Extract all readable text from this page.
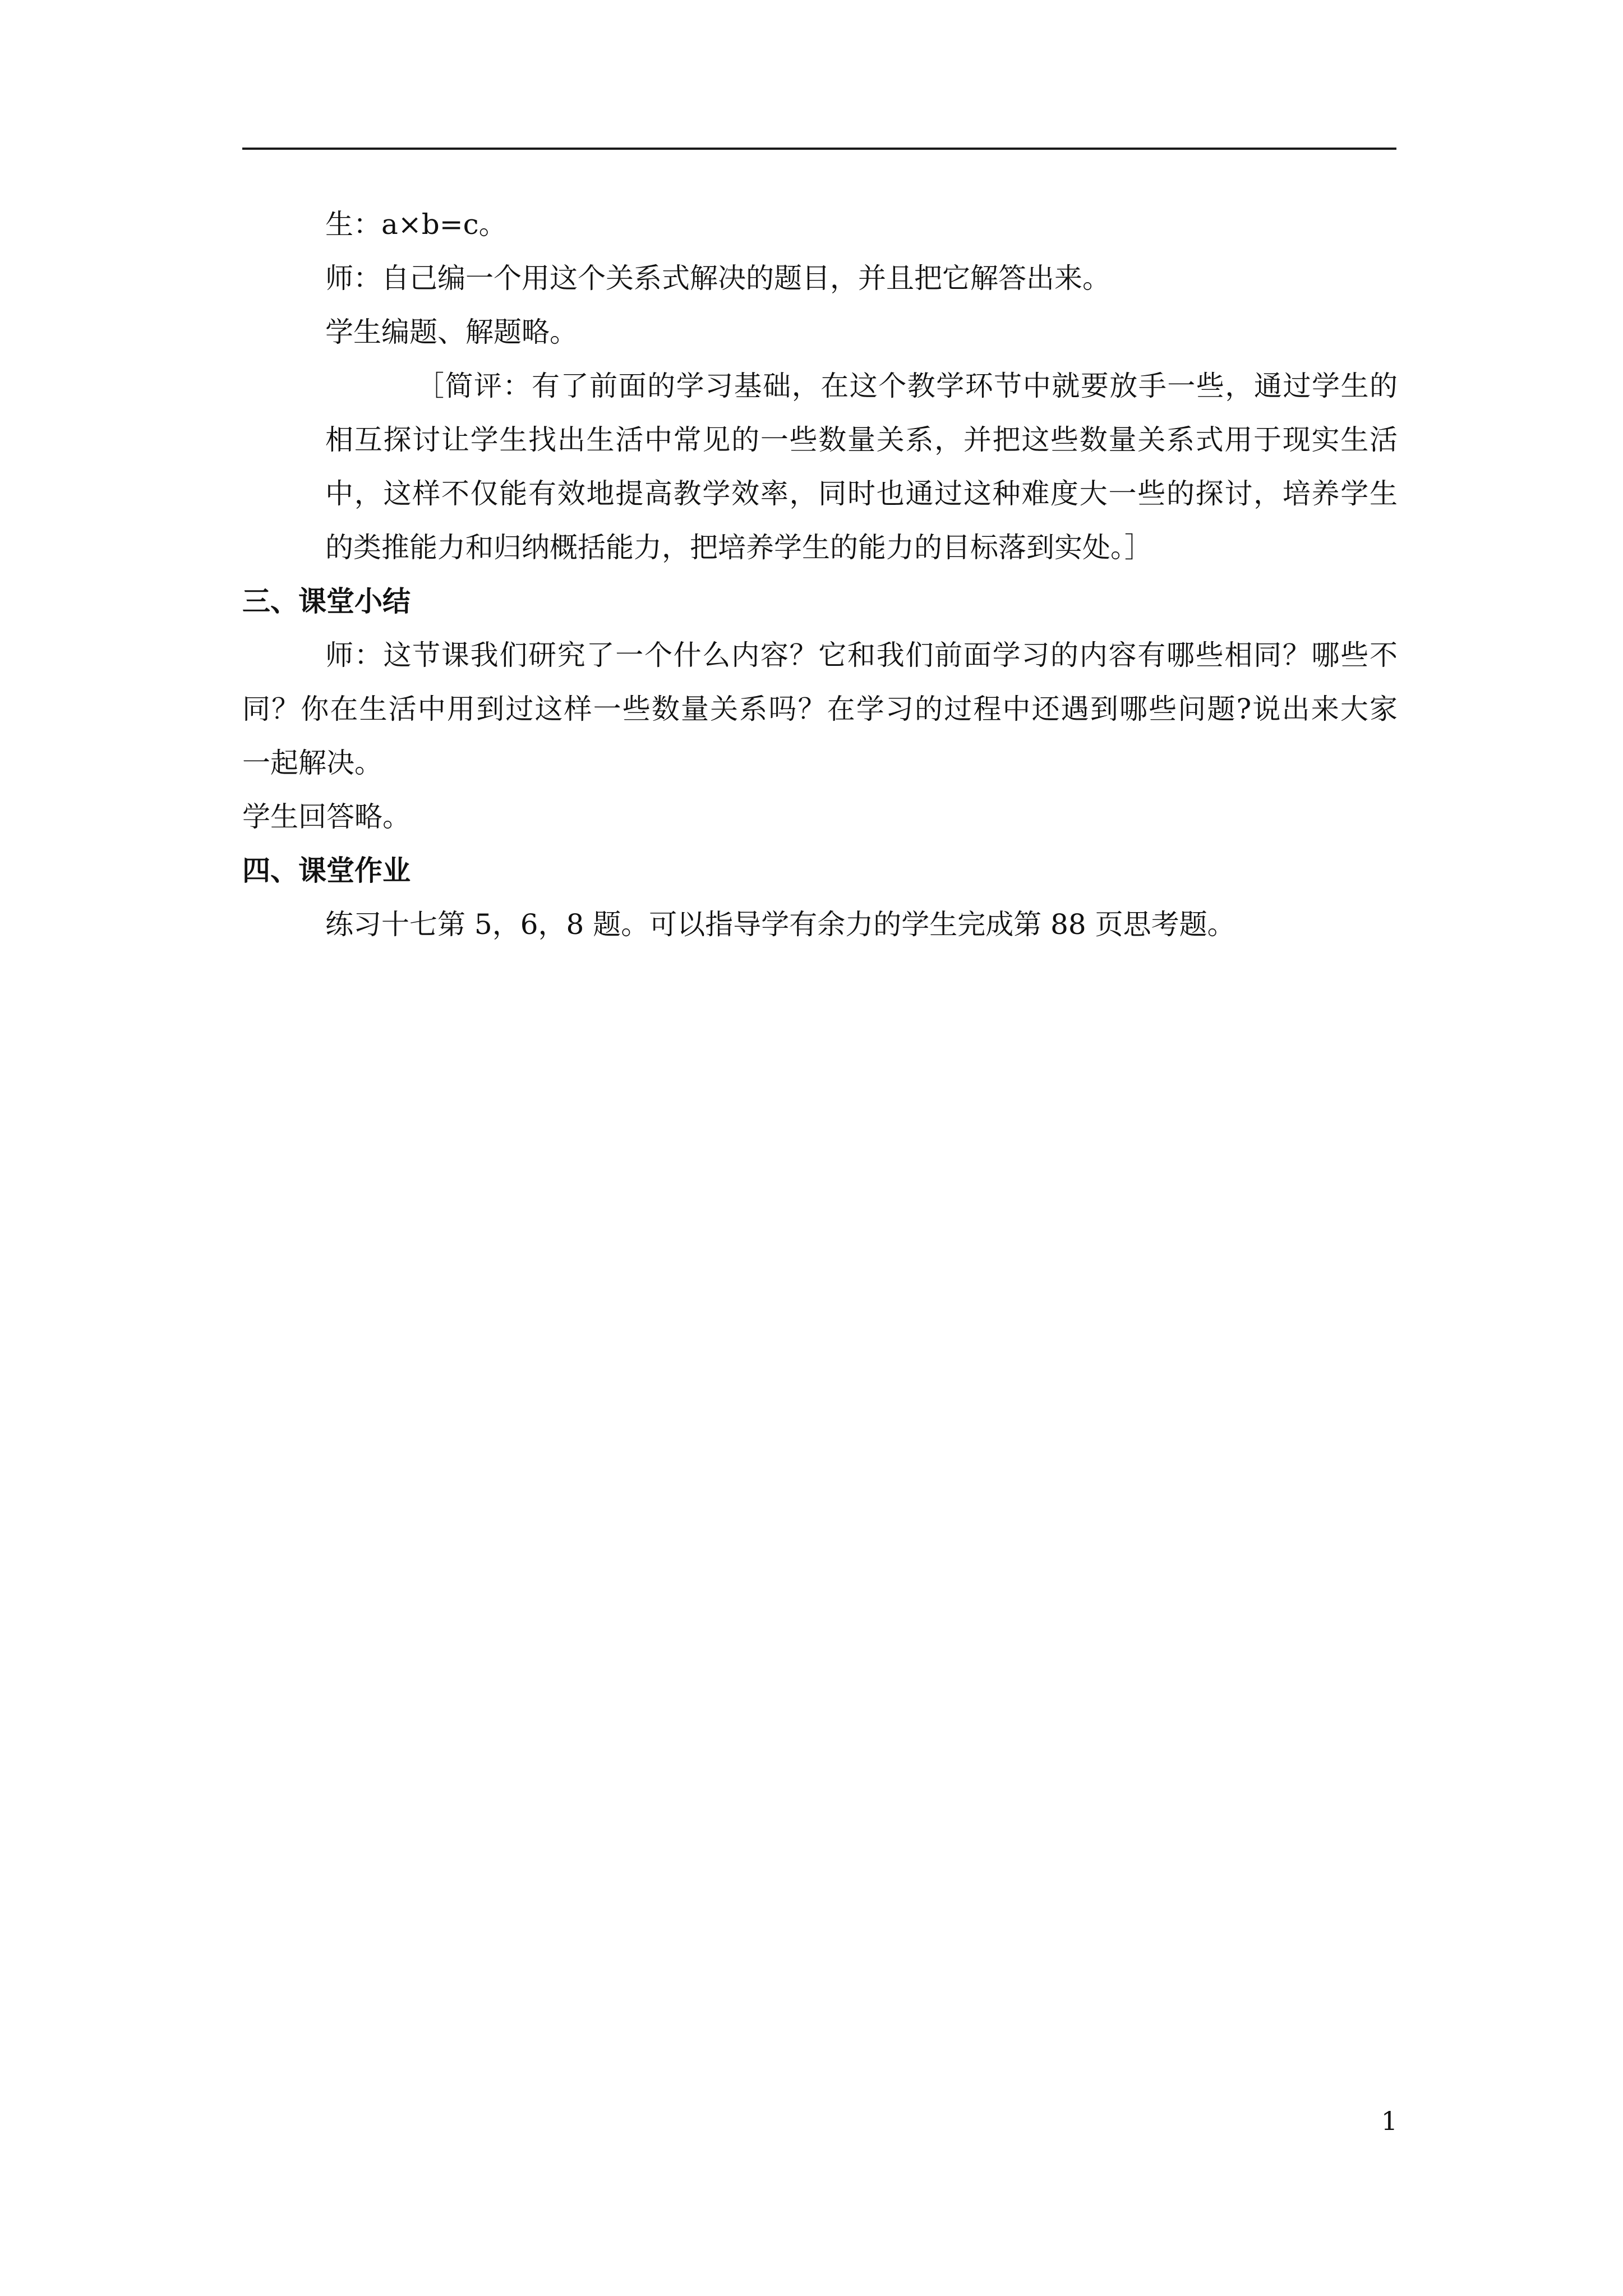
生：a×b=c。

师：自己编一个用这个关系式解决的题目，并且把它解答出来。

学生编题、解题略。

［简评：有了前面的学习基础，在这个教学环节中就要放手一些，通过学生的
相互探讨让学生找出生活中常见的一些数量关系，并把这些数量关系式用于现实生活
中，这样不仅能有效地提高教学效率，同时也通过这种难度大一些的探讨，培养学生
的类推能力和归纳概括能力，把培养学生的能力的目标落到实处。］
三、课堂小结
师：这节课我们研究了一个什么内容？它和我们前面学习的内容有哪些相同？哪些不
同？你在生活中用到过这样一些数量关系吗？在学习的过程中还遇到哪些问题?说出来大家
一起解决。

学生回答略。

四、课堂作业

练习十七第 5，6，8 题。可以指导学有余力的学生完成第 88 页思考题。

1
